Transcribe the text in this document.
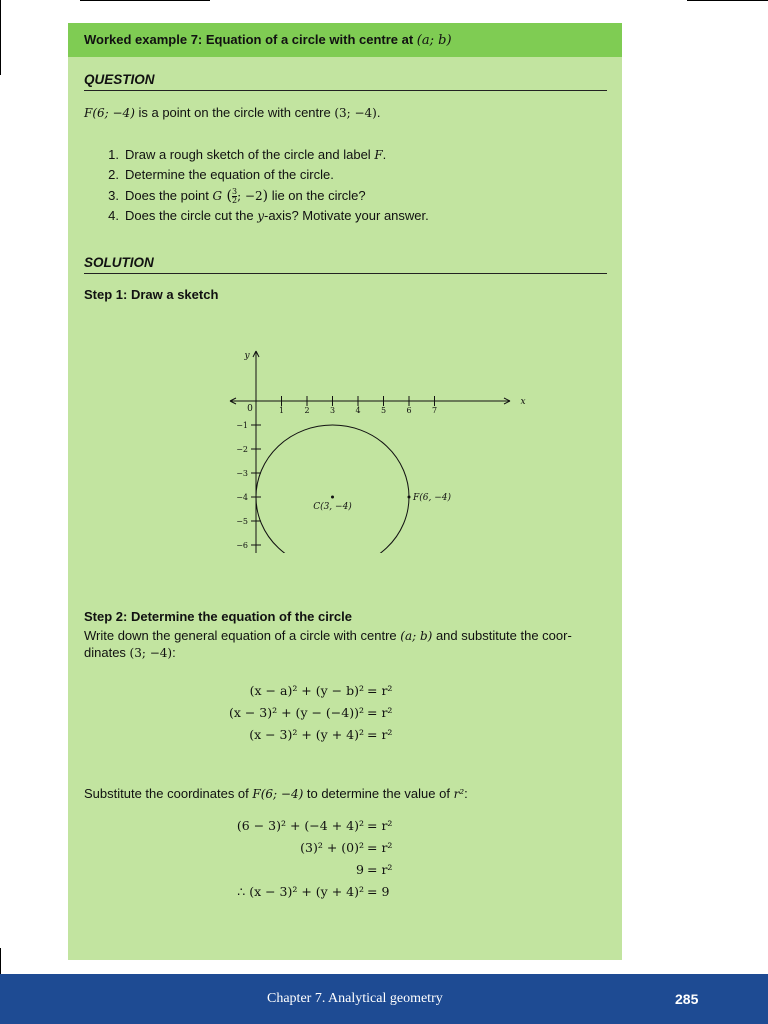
Worked example 7: Equation of a circle with centre at (a; b)
QUESTION
F(6; −4) is a point on the circle with centre (3; −4).
1. Draw a rough sketch of the circle and label F.
2. Determine the equation of the circle.
3. Does the point G ( $\frac{3}{2}$ ; −2) lie on the circle?
4. Does the circle cut the y-axis? Motivate your answer.
SOLUTION
Step 1: Draw a sketch
x
y
0	1	2	3	4	5	6	7
−1
−2
−3
−4
−5
−6
C(3, −4)
F(6, −4)
Step 2: Determine the equation of the circle
Write down the general equation of a circle with centre (a; b) and substitute the coor-
dinates (3; −4):
(x − a)² + (y − b)² = r²
(x − 3)² + (y − (−4))² = r²
(x − 3)² + (y + 4)² = r²
(6 − 3)² + (−4 + 4)² = r²
(3)² + (0)² = r²
9 = r²
∴ (x − 3)² + (y + 4)² = 9
Substitute the coordinates of F(6; −4) to determine the value of r²:
Chapter 7. Analytical geometry	285
